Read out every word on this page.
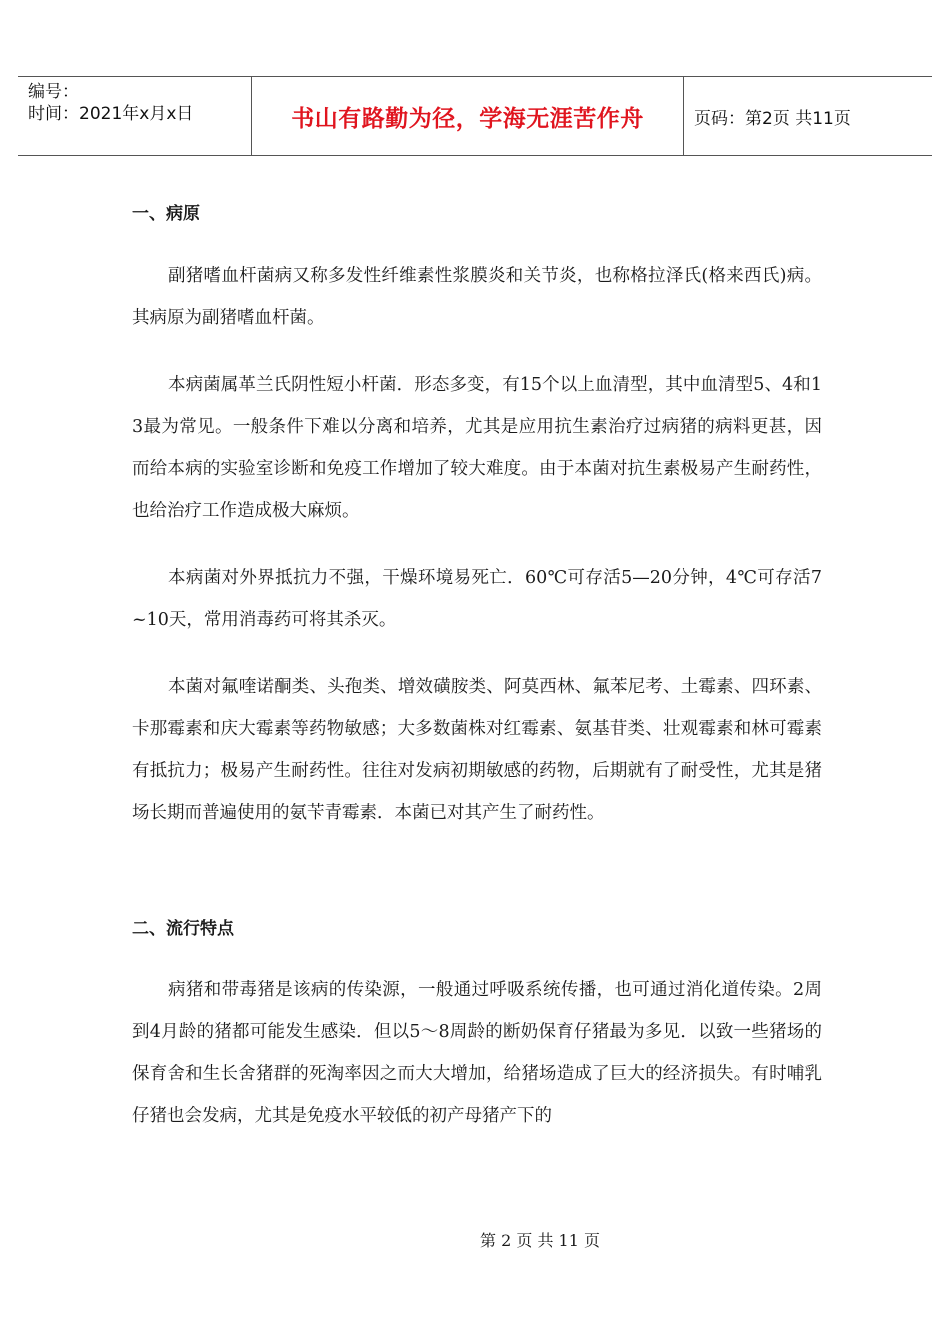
编号：
时间：2021年x月x日	书山有路勤为径，学海无涯苦作舟	页码：第2页 共11页
一、病原
副猪嗜血杆菌病又称多发性纤维素性浆膜炎和关节炎，也称格拉泽氏(格来西氏)病。其病原为副猪嗜血杆菌。
本病菌属革兰氏阴性短小杆菌．形态多变，有15个以上血清型，其中血清型5、4和13最为常见。一般条件下难以分离和培养，尤其是应用抗生素治疗过病猪的病料更甚，因而给本病的实验室诊断和免疫工作增加了较大难度。由于本菌对抗生素极易产生耐药性，也给治疗工作造成极大麻烦。
本病菌对外界抵抗力不强，干燥环境易死亡．60℃可存活5—20分钟，4℃可存活7~10天，常用消毒药可将其杀灭。
本菌对氟喹诺酮类、头孢类、增效磺胺类、阿莫西林、氟苯尼考、土霉素、四环素、卡那霉素和庆大霉素等药物敏感；大多数菌株对红霉素、氨基苷类、壮观霉素和林可霉素有抵抗力；极易产生耐药性。往往对发病初期敏感的药物，后期就有了耐受性，尤其是猪场长期而普遍使用的氨苄青霉素．本菌已对其产生了耐药性。
二、流行特点
病猪和带毒猪是该病的传染源，一般通过呼吸系统传播，也可通过消化道传染。2周到4月龄的猪都可能发生感染．但以5～8周龄的断奶保育仔猪最为多见．以致一些猪场的保育舍和生长舍猪群的死淘率因之而大大增加，给猪场造成了巨大的经济损失。有时哺乳仔猪也会发病，尤其是免疫水平较低的初产母猪产下的
第 2 页 共 11 页
